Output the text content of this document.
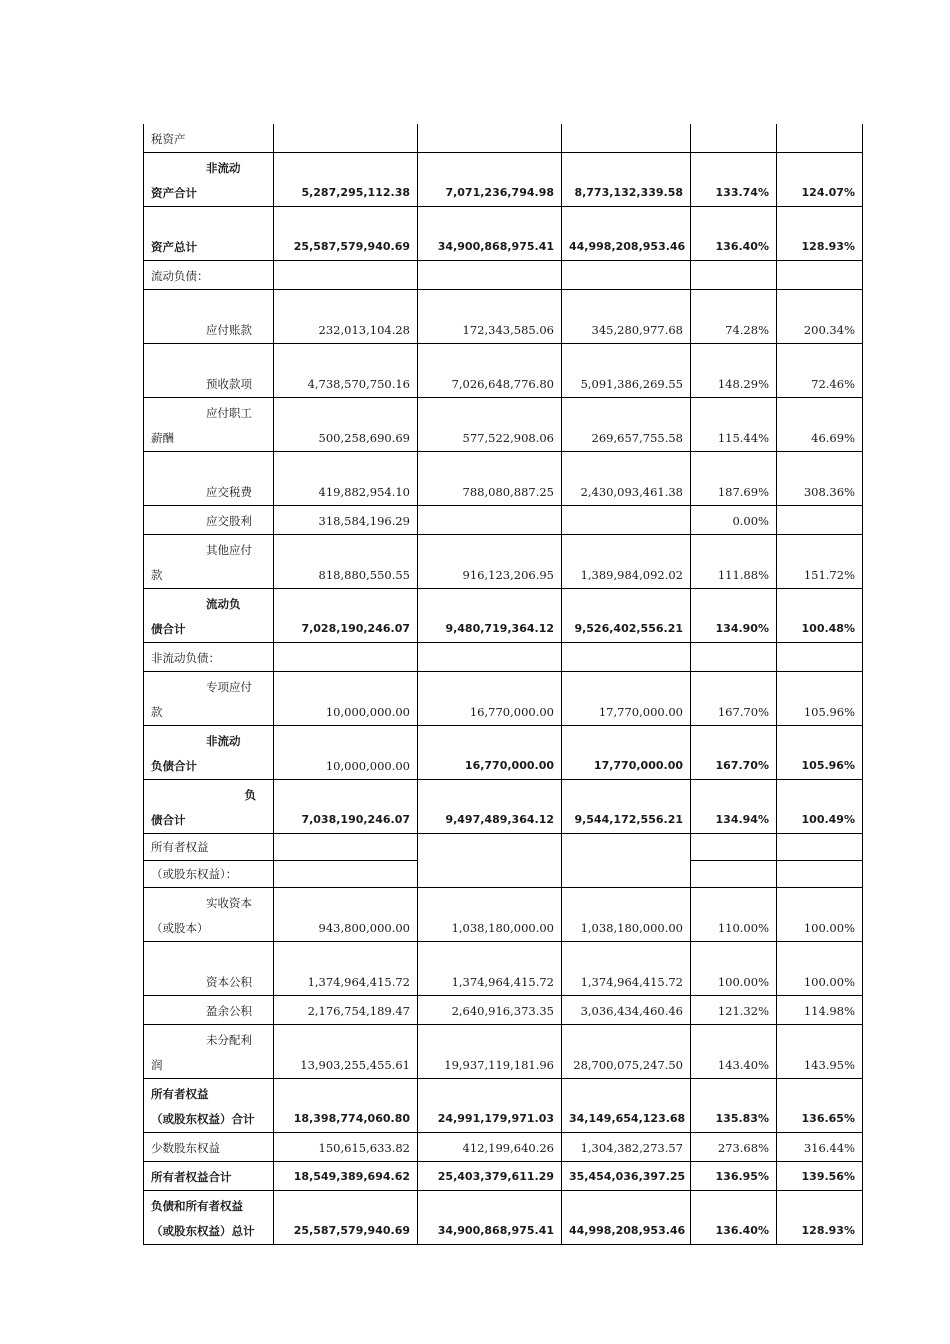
税资产					

非流动
资产合计	5,287,295,112.38	7,071,236,794.98	8,773,132,339.58	133.74%	124.07%

资产总计	25,587,579,940.69	34,900,868,975.41	44,998,208,953.46	136.40%	128.93%

流动负债：					

应付账款	232,013,104.28	172,343,585.06	345,280,977.68	74.28%	200.34%

预收款项	4,738,570,750.16	7,026,648,776.80	5,091,386,269.55	148.29%	72.46%

应付职工
薪酬	500,258,690.69	577,522,908.06	269,657,755.58	115.44%	46.69%

应交税费	419,882,954.10	788,080,887.25	2,430,093,461.38	187.69%	308.36%

应交股利	318,584,196.29			0.00%	

其他应付
款	818,880,550.55	916,123,206.95	1,389,984,092.02	111.88%	151.72%

流动负
债合计	7,028,190,246.07	9,480,719,364.12	9,526,402,556.21	134.90%	100.48%

非流动负债：					

专项应付
款	10,000,000.00	16,770,000.00	17,770,000.00	167.70%	105.96%

非流动
负债合计	10,000,000.00	16,770,000.00	17,770,000.00	167.70%	105.96%

负
债合计	7,038,190,246.07	9,497,489,364.12	9,544,172,556.21	134.94%	100.49%

所有者权益					

（或股东权益）：					

实收资本
（或股本）	943,800,000.00	1,038,180,000.00	1,038,180,000.00	110.00%	100.00%

资本公积	1,374,964,415.72	1,374,964,415.72	1,374,964,415.72	100.00%	100.00%

盈余公积	2,176,754,189.47	2,640,916,373.35	3,036,434,460.46	121.32%	114.98%

未分配利
润	13,903,255,455.61	19,937,119,181.96	28,700,075,247.50	143.40%	143.95%

所有者权益
（或股东权益）合计	18,398,774,060.80	24,991,179,971.03	34,149,654,123.68	135.83%	136.65%

少数股东权益	150,615,633.82	412,199,640.26	1,304,382,273.57	273.68%	316.44%

所有者权益合计	18,549,389,694.62	25,403,379,611.29	35,454,036,397.25	136.95%	139.56%

负债和所有者权益
（或股东权益）总计	25,587,579,940.69	34,900,868,975.41	44,998,208,953.46	136.40%	128.93%
